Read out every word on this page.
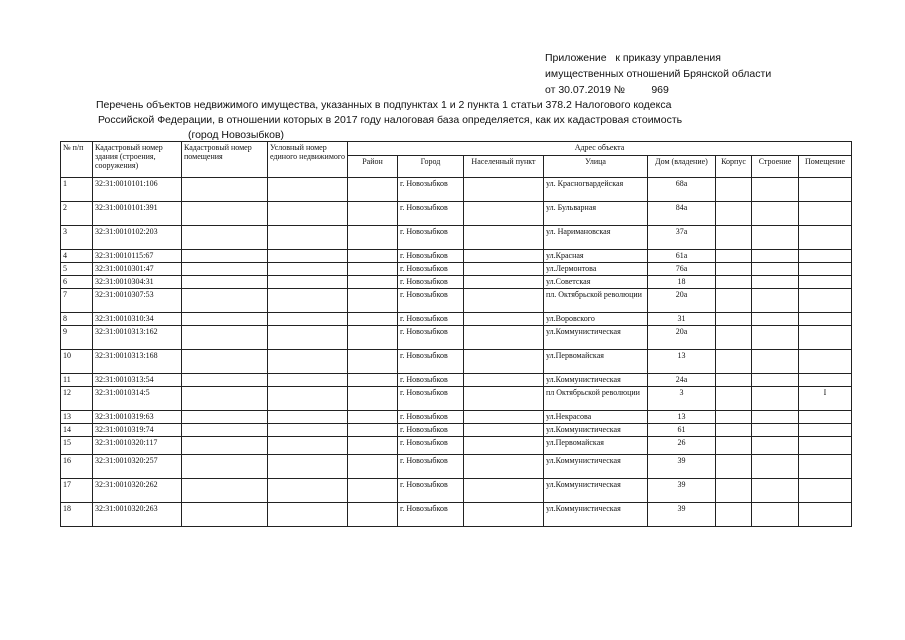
Приложение   к приказу управления
имущественных отношений Брянской области
от 30.07.2019 №         969
Перечень объектов недвижимого имущества, указанных в подпунктах 1 и 2 пункта 1 статьи 378.2 Налогового кодекса
Российской Федерации, в отношении которых в 2017 году налоговая база определяется, как их кадастровая стоимость
(город Новозыбков)
№ п/п	Кадастровый номер здания (строения, сооружения)	Кадастровый номер помещения	Условный номер единого недвижимого	Адрес объекта							
				Район	Город	Населенный пункт	Улица	Дом (владение)	Корпус	Строение	Помещение
1	32:31:0010101:106				г. Новозыбков		ул. Красногвардейская	68а			
2	32:31:0010101:391				г. Новозыбков		ул. Бульварная	84а			
3	32:31:0010102:203				г. Новозыбков		ул. Наримановская	37а			
4	32:31:0010115:67				г. Новозыбков		ул.Красная	61а			
5	32:31:0010301:47				г. Новозыбков		ул.Лермонтова	76а			
6	32:31:0010304:31				г. Новозыбков		ул.Советская	18			
7	32:31:0010307:53				г. Новозыбков		пл. Октябрьской революции	20а			
8	32:31:0010310:34				г. Новозыбков		ул.Воровского	31			
9	32:31:0010313:162				г. Новозыбков		ул.Коммунистическая	20а			
10	32:31:0010313:168				г. Новозыбков		ул.Первомайская	13			
11	32:31:0010313:54				г. Новозыбков		ул.Коммунистическая	24а			
12	32:31:0010314:5				г. Новозыбков		пл Октябрьской революции	3			I
13	32:31:0010319:63				г. Новозыбков		ул.Некрасова	13			
14	32:31:0010319:74				г. Новозыбков		ул.Коммунистическая	61			
15	32:31:0010320:117				г. Новозыбков		ул.Первомайская	26			
16	32:31:0010320:257				г. Новозыбков		ул.Коммунистическая	39			
17	32:31:0010320:262				г. Новозыбков		ул.Коммунистическая	39			
18	32:31:0010320:263				г. Новозыбков		ул.Коммунистическая	39			
